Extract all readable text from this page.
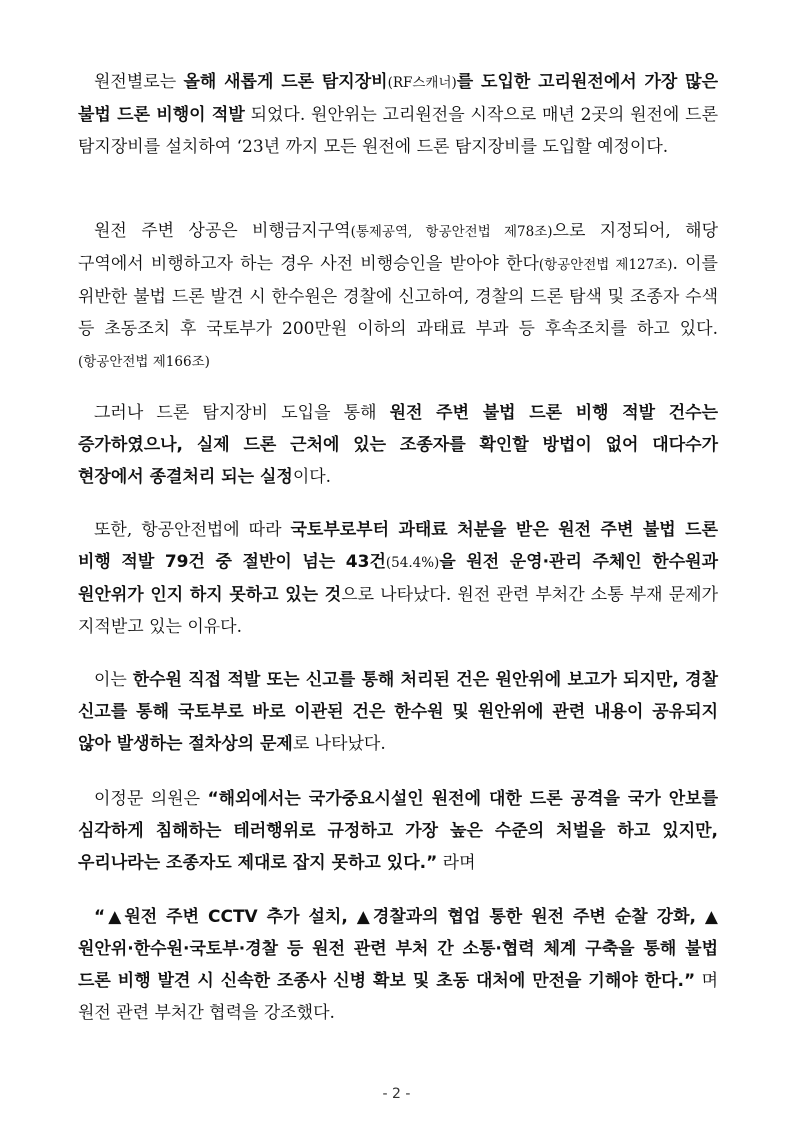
원전별로는 올해 새롭게 드론 탐지장비(RF스캐너)를 도입한 고리원전에서 가장 많은 불법 드론 비행이 적발 되었다. 원안위는 고리원전을 시작으로 매년 2곳의 원전에 드론 탐지장비를 설치하여 ‘23년 까지 모든 원전에 드론 탐지장비를 도입할 예정이다.

원전 주변 상공은 비행금지구역(통제공역, 항공안전법 제78조)으로 지정되어, 해당 구역에서 비행하고자 하는 경우 사전 비행승인을 받아야 한다(항공안전법 제127조). 이를 위반한 불법 드론 발견 시 한수원은 경찰에 신고하여, 경찰의 드론 탐색 및 조종자 수색 등 초동조치 후 국토부가 200만원 이하의 과태료 부과 등 후속조치를 하고 있다.(항공안전법 제166조)

그러나 드론 탐지장비 도입을 통해 원전 주변 불법 드론 비행 적발 건수는 증가하였으나, 실제 드론 근처에 있는 조종자를 확인할 방법이 없어 대다수가 현장에서 종결처리 되는 실정이다.

또한, 항공안전법에 따라 국토부로부터 과태료 처분을 받은 원전 주변 불법 드론 비행 적발 79건 중 절반이 넘는 43건(54.4%)을 원전 운영·관리 주체인 한수원과 원안위가 인지 하지 못하고 있는 것으로 나타났다. 원전 관련 부처간 소통 부재 문제가 지적받고 있는 이유다.

이는 한수원 직접 적발 또는 신고를 통해 처리된 건은 원안위에 보고가 되지만, 경찰 신고를 통해 국토부로 바로 이관된 건은 한수원 및 원안위에 관련 내용이 공유되지 않아 발생하는 절차상의 문제로 나타났다.

이정문 의원은 “해외에서는 국가중요시설인 원전에 대한 드론 공격을 국가 안보를 심각하게 침해하는 테러행위로 규정하고 가장 높은 수준의 처벌을 하고 있지만, 우리나라는 조종자도 제대로 잡지 못하고 있다.” 라며

“▲원전 주변 CCTV 추가 설치, ▲경찰과의 협업 통한 원전 주변 순찰 강화, ▲원안위·한수원·국토부·경찰 등 원전 관련 부처 간 소통·협력 체계 구축을 통해 불법 드론 비행 발견 시 신속한 조종사 신병 확보 및 초동 대처에 만전을 기해야 한다.” 며 원전 관련 부처간 협력을 강조했다.

- 2 -
